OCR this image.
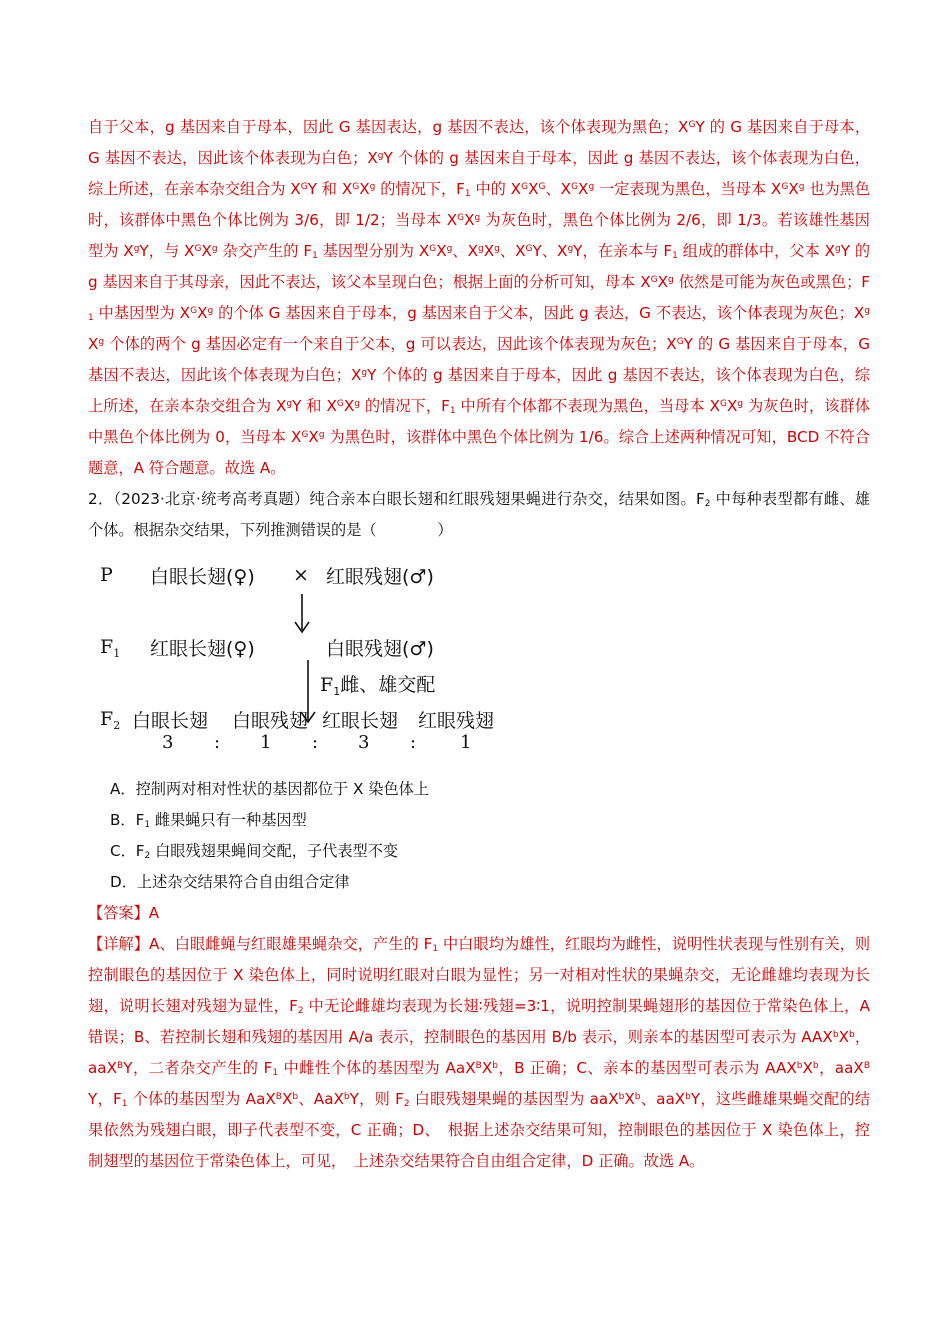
自于父本，g 基因来自于母本，因此 G 基因表达，g 基因不表达，该个体表现为黑色；$X^GY$ 的 G 基因来自于母本，G 基因不表达，因此该个体表现为白色；$X^gY$ 个体的 g 基因来自于母本，因此 g 基因不表达，该个体表现为白色，综上所述，在亲本杂交组合为 $X^GY$ 和 $X^GX^g$ 的情况下，$F_1$ 中的 $X^GX^G$、$X^GX^g$ 一定表现为黑色，当母本 $X^GX^g$ 也为黑色时，该群体中黑色个体比例为 3/6，即 1/2；当母本 $X^GX^g$ 为灰色时，黑色个体比例为 2/6，即 1/3。若该雄性基因型为 $X^gY$，与 $X^GX^g$ 杂交产生的 $F_1$ 基因型分别为 $X^GX^g$、$X^gX^g$、$X^GY$、$X^gY$，在亲本与 $F_1$ 组成的群体中，父本 $X^gY$ 的 g 基因来自于其母亲，因此不表达，该父本呈现白色；根据上面的分析可知，母本 $X^GX^g$ 依然是可能为灰色或黑色；$F_1$ 中基因型为 $X^GX^g$ 的个体 G 基因来自于母本，g 基因来自于父本，因此 g 表达，G 不表达，该个体表现为灰色；$X^gX^g$ 个体的两个 g 基因必定有一个来自于父本，g 可以表达，因此该个体表现为灰色；$X^GY$ 的 G 基因来自于母本，G 基因不表达，因此该个体表现为白色；$X^gY$ 个体的 g 基因来自于母本，因此 g 基因不表达，该个体表现为白色，综上所述，在亲本杂交组合为 $X^gY$ 和 $X^GX^g$ 的情况下，$F_1$ 中所有个体都不表现为黑色，当母本 $X^GX^g$ 为灰色时，该群体中黑色个体比例为 0，当母本 $X^GX^g$ 为黑色时，该群体中黑色个体比例为 1/6。综合上述两种情况可知，BCD 不符合题意，A 符合题意。故选 A。

2．（2023·北京·统考高考真题）纯合亲本白眼长翅和红眼残翅果蝇进行杂交，结果如图。$F_2$ 中每种表型都有雌、雄个体。根据杂交结果，下列推测错误的是（　　　　）

P 白眼长翅(♀) × 红眼残翅(♂)
$F_1$ 红眼长翅(♀)	白眼残翅(♂)
$F_1$雌、雄交配
$F_2$ 白眼长翅 白眼残翅 红眼长翅 红眼残翅
3 : 1 : 3 : 1

A．控制两对相对性状的基因都位于 X 染色体上

B．$F_1$ 雌果蝇只有一种基因型

C．$F_2$ 白眼残翅果蝇间交配，子代表型不变

D．上述杂交结果符合自由组合定律

【答案】A

【详解】A、白眼雌蝇与红眼雄果蝇杂交，产生的 $F_1$ 中白眼均为雄性，红眼均为雌性，说明性状表现与性别有关，则控制眼色的基因位于 X 染色体上，同时说明红眼对白眼为显性；另一对相对性状的果蝇杂交，无论雌雄均表现为长翅，说明长翅对残翅为显性，$F_2$ 中无论雌雄均表现为长翅∶残翅=3∶1，说明控制果蝇翅形的基因位于常染色体上，A 错误；B、若控制长翅和残翅的基因用 A/a 表示，控制眼色的基因用 B/b 表示，则亲本的基因型可表示为 $AAX^bX^b$，aaX$^B$Y，二者杂交产生的 $F_1$ 中雌性个体的基因型为 $AaX^BX^b$，B 正确；C、亲本的基因型可表示为 $AAX^bX^b$，aaX$^B$Y，$F_1$ 个体的基因型为 $AaX^BX^b$、AaX$^b$Y，则 $F_2$ 白眼残翅果蝇的基因型为 $aaX^bX^b$、aaX$^b$Y，这些雌雄果蝇交配的结果依然为残翅白眼，即子代表型不变，C 正确；D、　根据上述杂交结果可知，控制眼色的基因位于 X 染色体上，控制翅型的基因位于常染色体上，可见，　上述杂交结果符合自由组合定律，D 正确。故选 A。
